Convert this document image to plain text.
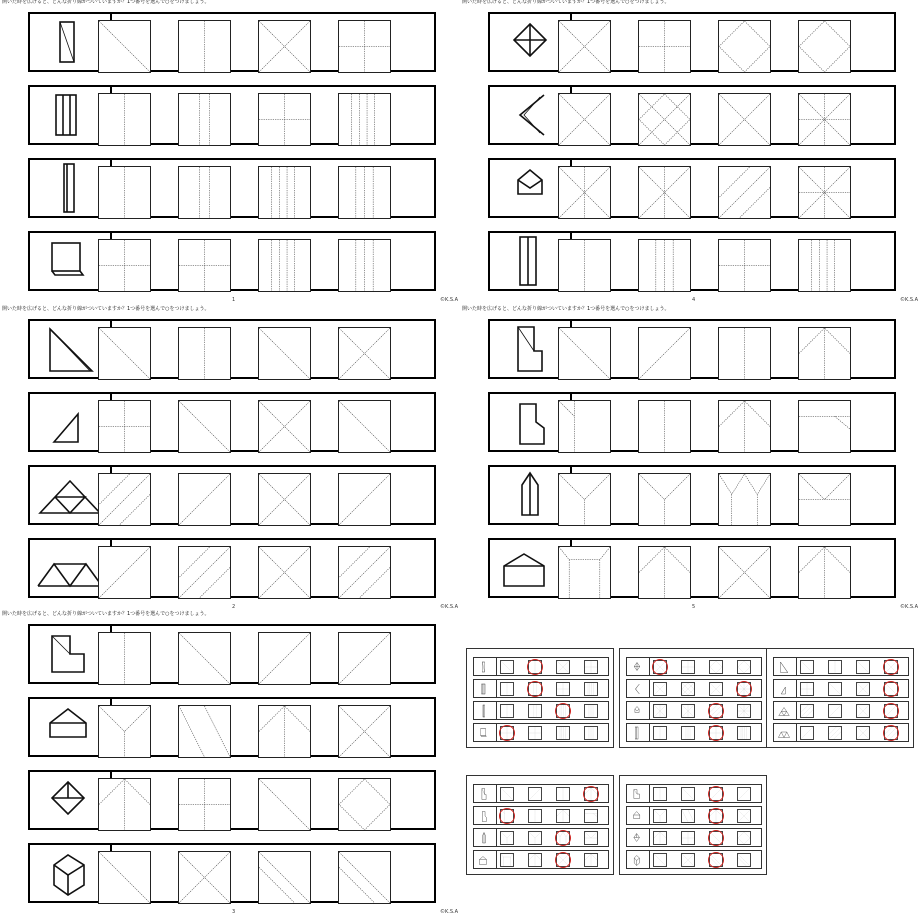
開いた時を広げると、どんな折り線がついていますか？1つ番号を選んで○をつけましょう。
1	©K.S.A
開いた時を広げると、どんな折り線がついていますか？1つ番号を選んで○をつけましょう。
4	©K.S.A
開いた時を広げると、どんな折り線がついていますか？1つ番号を選んで○をつけましょう。
2	©K.S.A
開いた時を広げると、どんな折り線がついていますか？1つ番号を選んで○をつけましょう。
5	©K.S.A
開いた時を広げると、どんな折り線がついていますか？1つ番号を選んで○をつけましょう。
3	©K.S.A
